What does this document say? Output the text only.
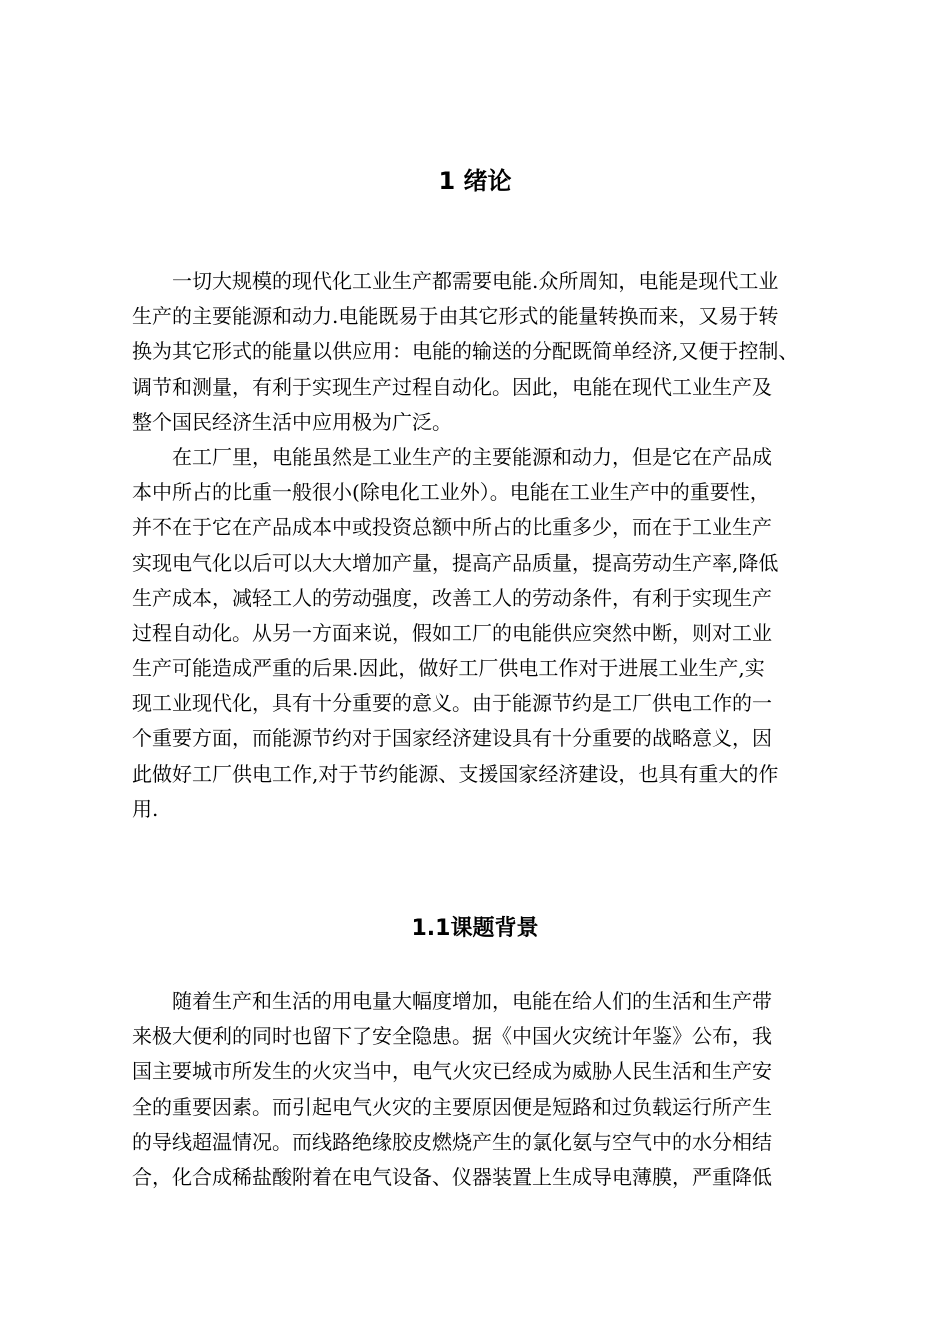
1 绪论
　　一切大规模的现代化工业生产都需要电能.众所周知，电能是现代工业
生产的主要能源和动力.电能既易于由其它形式的能量转换而来，又易于转
换为其它形式的能量以供应用：电能的输送的分配既简单经济,又便于控制、
调节和测量，有利于实现生产过程自动化。因此，电能在现代工业生产及
整个国民经济生活中应用极为广泛。
　　在工厂里，电能虽然是工业生产的主要能源和动力，但是它在产品成
本中所占的比重一般很小(除电化工业外）。电能在工业生产中的重要性，
并不在于它在产品成本中或投资总额中所占的比重多少，而在于工业生产
实现电气化以后可以大大增加产量，提高产品质量，提高劳动生产率,降低
生产成本，减轻工人的劳动强度，改善工人的劳动条件，有利于实现生产
过程自动化。从另一方面来说，假如工厂的电能供应突然中断，则对工业
生产可能造成严重的后果.因此，做好工厂供电工作对于进展工业生产,实
现工业现代化，具有十分重要的意义。由于能源节约是工厂供电工作的一
个重要方面，而能源节约对于国家经济建设具有十分重要的战略意义，因
此做好工厂供电工作,对于节约能源、支援国家经济建设，也具有重大的作
用.
1.1课题背景
　　随着生产和生活的用电量大幅度增加，电能在给人们的生活和生产带
来极大便利的同时也留下了安全隐患。据《中国火灾统计年鉴》公布，我
国主要城市所发生的火灾当中，电气火灾已经成为威胁人民生活和生产安
全的重要因素。而引起电气火灾的主要原因便是短路和过负载运行所产生
的导线超温情况。而线路绝缘胶皮燃烧产生的氯化氨与空气中的水分相结
合，化合成稀盐酸附着在电气设备、仪器装置上生成导电薄膜，严重降低
